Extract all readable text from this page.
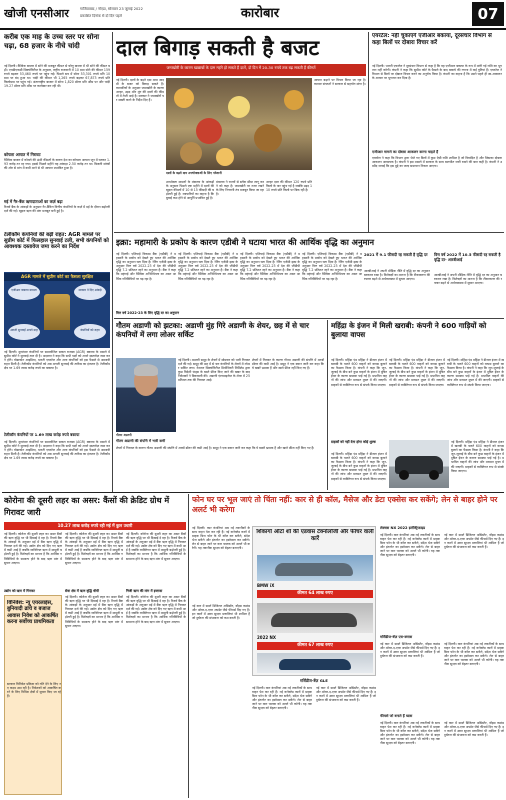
खोजी एनसीआर	गाजियाबाद / नोएडा, सोमवार 23 जुलाई 2022
प्रकाशित दिनांक से दो दिन पहले	कारोबार	07
करीब एक माह के उच्च स्तर पर सोना चढ़ा, 68 हजार के नीचे चांदी
नई दिल्ली। वैश्विक बाजार में सोने की मजबूत कीमत से घरेलू बाजार में भी सोने की कीमत बढ़ी। एचडीएफसी सिक्योरिटीज के अनुसार, राष्ट्रीय राजधानी में 10 ग्राम सोने की कीमत 159 रुपये बढ़कर 53,460 रुपये पर पहुंच गई। पिछले सत्र में सोना 53,301 रुपये प्रति 10 ग्राम पर बंद हुआ था। चांदी की कीमत भी 1,265 रुपये बढ़कर 67,873 रुपये प्रति किलोग्राम पर पहुंच गई। अंतरराष्ट्रीय बाजार में सोना 1,820 डॉलर प्रति औंस पर और चांदी 19.27 डॉलर प्रति औंस पर कारोबार कर रही थी।
कोयला आयात में गिरावट
वैश्विक बाजार में कोयले की ऊंची कीमतों के कारण देश का कोयला आयात जून में घटकर 1.93 करोड़ टन रह गया। इससे पिछले महीने यह आंकड़ा 2.50 करोड़ टन था। बिजली संयंत्रों की ओर से मांग में कमी आने से भी आयात प्रभावित हुआ है।
मई में गैर-बैंक ऋणदाताओं का कर्ज़ बढ़ा
रिजर्व बैंक के आंकड़ों के अनुसार गैर-बैंकिंग वित्तीय कंपनियों के कर्ज़ में मई के दौरान बढ़ोतरी दर्ज की गई। खुदरा ऋण की मांग मजबूत बनी हुई है।
टेलीकॉम कंपनियों की बढ़ी राहत: AGR मामले पर सुप्रीम कोर्ट में फिलहाल सुनवाई टली, सभी कंपनियों को आवश्यक दस्तावेज जमा करने का निर्देश
AGR मामले में सुप्रीम कोर्ट का फैसला सुरक्षित
एजीआर बकाया मामला	सरकार ने दिए आंकड़े
अगली सुनवाई अगले माह	कंपनियों को राहत
नई दिल्ली। दूरसंचार कंपनियों पर समायोजित सकल राजस्व (AGR) बकाया के मामले में सुप्रीम कोर्ट ने सुनवाई टाल दी है। अदालत ने कहा कि सभी पक्षों को अपने दस्तावेज़ जमा करने होंगे। वोडाफोन आइडिया, भारती एयरटेल और अन्य कंपनियों को इस फैसले से अस्थायी राहत मिली है। टेलीकॉम कंपनियों को अब अगली सुनवाई की तारीख का इंतजार है। टेलीकॉम क्षेत्र पर 1.69 लाख करोड़ रुपये का बकाया है।
टेलीकॉम कंपनियों पर 1.69 लाख करोड़ रुपये बकाया
नई दिल्ली। दूरसंचार कंपनियों पर समायोजित सकल राजस्व (AGR) बकाया के मामले में सुप्रीम कोर्ट ने सुनवाई टाल दी है। अदालत ने कहा कि सभी पक्षों को अपने दस्तावेज़ जमा करने होंगे। वोडाफोन आइडिया, भारती एयरटेल और अन्य कंपनियों को इस फैसले से अस्थायी राहत मिली है। टेलीकॉम कंपनियों को अब अगली सुनवाई की तारीख का इंतजार है। टेलीकॉम क्षेत्र पर 1.69 लाख करोड़ रुपये का बकाया है।
दाल बिगाड़ सकती है बजट
जमाखोरी के कारण खाद्यान्नों के दाम महंगे हो सकते हैं दालें, दो दिन में 20-30 रुपये तक बढ़ सकती हैं कीमतें
नई दिल्ली। दालों के बढ़ते दाम आम आदमी के बजट को बिगाड़ सकते हैं। व्यापारियों के अनुसार जमाखोरी के कारण अरहर, उड़द और मूंग की दालों की कीमतों में तेजी आई है। सरकार ने जमाखोरों पर सख्ती करने के निर्देश दिए हैं।
दालों के बढ़ते दाम उपभोक्ताओं के लिए परेशानी
उपभोक्ता मामलों के मंत्रालय के आंकड़ों के अनुसार पिछले एक महीने में दालों की खुदरा कीमतों में 10 से 15 फीसदी की बढ़ोतरी हुई है। व्यापारियों का कहना है कि बुवाई कम होने से आपूर्ति प्रभावित हुई है।
मंत्रालय ने राज्यों से स्टॉक सीमा लागू करने को कहा है। जमाखोरी पर नजर रखने के लिए निगरानी तंत्र मजबूत किया जा रहा है।
अरहर दाल की कीमत 120 रुपये प्रति किलो के पार पहुंच गई है जबकि उड़द 110 रुपये प्रति किलो पर बिक रही है।
आयात बढ़ाने पर विचार किया जा रहा है। व्यापार संगठनों ने सरकार से सहयोग मांगा है।
एयरटेल: नहीं चुकाएंगे एजीआर बकाया, दूरसंचार विभाग से कहा बिलों पर दोबारा विचार करें
नई दिल्ली। भारती एयरटेल ने दूरसंचार विभाग से कहा है कि वह एजीआर बकाया के रूप में मांगी गई राशि का भुगतान नहीं करेगी। कंपनी ने कहा कि सुप्रीम कोर्ट के फैसले के बाद बकाये की गणना में कई त्रुटियां हैं। एयरटेल ने विभाग से बिलों पर दोबारा विचार करने का अनुरोध किया है। कंपनी का कहना है कि उसने पहले ही स्व-आकलन के आधार पर भुगतान कर दिया है।
एजीआर मामले का दोबारा आकलन करना चाहते हैं
एयरटेल ने कहा कि विभाग द्वारा भेजे गए बिलों में कुछ ऐसी राशि शामिल है जो विवादित है और जिसका दोबारा आकलन आवश्यक है। कंपनी ने इस मामले में सरकार के साथ बातचीत जारी रखने की बात कही है। कंपनी ने उम्मीद जताई कि इस मुद्दे का जल्द समाधान निकल आएगा।
इक्रा: महामारी के प्रकोप के कारण एडीबी ने घटाया भारत की आर्थिक वृद्धि का अनुमान
नई दिल्ली। एशियाई विकास बैंक (एडीबी) ने महामारी के प्रकोप को देखते हुए भारत की आर्थिक वृद्धि का अनुमान घटा दिया है। रेटिंग एजेंसी इक्रा के अनुसार वित्त वर्ष 2022-23 में देश की जीडीपी वृद्धि 7.2 प्रतिशत रहने का अनुमान है। बैंक ने कहा कि महंगाई और वैश्विक अनिश्चितता का असर आर्थिक गतिविधियों पर पड़ रहा है।
नई दिल्ली। एशियाई विकास बैंक (एडीबी) ने महामारी के प्रकोप को देखते हुए भारत की आर्थिक वृद्धि का अनुमान घटा दिया है। रेटिंग एजेंसी इक्रा के अनुसार वित्त वर्ष 2022-23 में देश की जीडीपी वृद्धि 7.2 प्रतिशत रहने का अनुमान है। बैंक ने कहा कि महंगाई और वैश्विक अनिश्चितता का असर आर्थिक गतिविधियों पर पड़ रहा है।
नई दिल्ली। एशियाई विकास बैंक (एडीबी) ने महामारी के प्रकोप को देखते हुए भारत की आर्थिक वृद्धि का अनुमान घटा दिया है। रेटिंग एजेंसी इक्रा के अनुसार वित्त वर्ष 2022-23 में देश की जीडीपी वृद्धि 7.2 प्रतिशत रहने का अनुमान है। बैंक ने कहा कि महंगाई और वैश्विक अनिश्चितता का असर आर्थिक गतिविधियों पर पड़ रहा है।
नई दिल्ली। एशियाई विकास बैंक (एडीबी) ने महामारी के प्रकोप को देखते हुए भारत की आर्थिक वृद्धि का अनुमान घटा दिया है। रेटिंग एजेंसी इक्रा के अनुसार वित्त वर्ष 2022-23 में देश की जीडीपी वृद्धि 7.2 प्रतिशत रहने का अनुमान है। बैंक ने कहा कि महंगाई और वैश्विक अनिश्चितता का असर आर्थिक गतिविधियों पर पड़ रहा है।
वित्त वर्ष 2022-23 के लिए वृद्धि दर का अनुमान
2021 में 9.1 फीसदी रह सकती है वृद्धि दर
आरबीआई ने अपनी मौद्रिक नीति में वृद्धि दर का अनुमान बरकरार रखा है। विशेषज्ञों का मानना है कि टीकाकरण की रफ्तार बढ़ने से अर्थव्यवस्था में सुधार आएगा।
वित्त वर्ष 2022 में 10.5 फीसदी रह सकती है वृद्धि दर- आरबीआई
आरबीआई ने अपनी मौद्रिक नीति में वृद्धि दर का अनुमान बरकरार रखा है। विशेषज्ञों का मानना है कि टीकाकरण की रफ्तार बढ़ने से अर्थव्यवस्था में सुधार आएगा।
गौतम अडाणी को झटका: अडाणी मुंह गिरे अडाणी के शेयर, छह में से चार कंपनियों में लगा लोअर सर्किट
गौतम अडाणी
नई दिल्ली। अडाणी समूह के शेयरों में सोमवार को भारी गिरावट दर्ज की गई। समूह की छह में से चार कंपनियों के शेयरों में लोअर सर्किट लगा। नेशनल सिक्योरिटीज डिपॉजिटरी लिमिटेड द्वारा कुछ विदेशी फंड्स के खाते फ्रीज किए जाने की खबर के बाद निवेशकों ने बिकवाली की। अडाणी एंटरप्राइजेज के शेयर में 25 प्रतिशत तक की गिरावट आई।
शेयरों में गिरावट के कारण गौतम अडाणी की संपत्ति में अरबों डॉलर की कमी आई है। समूह ने एक बयान जारी कर कहा कि ये खबरें भ्रामक हैं और खाते फ्रीज नहीं किए गए हैं।
गौतम अडाणी की संपत्ति में भारी कमी
शेयरों में गिरावट के कारण गौतम अडाणी की संपत्ति में अरबों डॉलर की कमी आई है। समूह ने एक बयान जारी कर कहा कि ये खबरें भ्रामक हैं और खाते फ्रीज नहीं किए गए हैं।
महिंद्रा के इंजन में मिली खराबी: कंपनी ने 600 गाड़ियों को बुलाया वापस
नई दिल्ली। महिंद्रा एंड महिंद्रा ने डीजल इंजन में खराबी के चलते 600 वाहनों को वापस बुलाने का फैसला किया है। कंपनी ने कहा कि जून-जुलाई के बीच बने कुछ वाहनों के इंजन में दूषित ईंधन के कारण समस्या पाई गई है। प्रभावित वाहनों की जांच और मरम्मत मुफ्त में की जाएगी। ग्राहकों से व्यक्तिगत रूप से संपर्क किया जाएगा।
नई दिल्ली। महिंद्रा एंड महिंद्रा ने डीजल इंजन में खराबी के चलते 600 वाहनों को वापस बुलाने का फैसला किया है। कंपनी ने कहा कि जून-जुलाई के बीच बने कुछ वाहनों के इंजन में दूषित ईंधन के कारण समस्या पाई गई है। प्रभावित वाहनों की जांच और मरम्मत मुफ्त में की जाएगी। ग्राहकों से व्यक्तिगत रूप से संपर्क किया जाएगा।
नई दिल्ली। महिंद्रा एंड महिंद्रा ने डीजल इंजन में खराबी के चलते 600 वाहनों को वापस बुलाने का फैसला किया है। कंपनी ने कहा कि जून-जुलाई के बीच बने कुछ वाहनों के इंजन में दूषित ईंधन के कारण समस्या पाई गई है। प्रभावित वाहनों की जांच और मरम्मत मुफ्त में की जाएगी। ग्राहकों से व्यक्तिगत रूप से संपर्क किया जाएगा।
ग्राहकों को नहीं देना होगा कोई शुल्क
नई दिल्ली। महिंद्रा एंड महिंद्रा ने डीजल इंजन में खराबी के चलते 600 वाहनों को वापस बुलाने का फैसला किया है। कंपनी ने कहा कि जून-जुलाई के बीच बने कुछ वाहनों के इंजन में दूषित ईंधन के कारण समस्या पाई गई है। प्रभावित वाहनों की जांच और मरम्मत मुफ्त में की जाएगी। ग्राहकों से व्यक्तिगत रूप से संपर्क किया जाएगा।
नई दिल्ली। महिंद्रा एंड महिंद्रा ने डीजल इंजन में खराबी के चलते 600 वाहनों को वापस बुलाने का फैसला किया है। कंपनी ने कहा कि जून-जुलाई के बीच बने कुछ वाहनों के इंजन में दूषित ईंधन के कारण समस्या पाई गई है। प्रभावित वाहनों की जांच और मरम्मत मुफ्त में की जाएगी। ग्राहकों से व्यक्तिगत रूप से संपर्क किया जाएगा।
कोरोना की दूसरी लहर का असर: कैंसों की क्रेडिट ग्रोथ में गिरावट जारी
10.27 लाख करोड़ रुपये रही मई में कुल उधारी
नई दिल्ली। कोरोना की दूसरी लहर का असर बैंकों की ऋण वृद्धि पर भी दिखाई दे रहा है। रिजर्व बैंक के आंकड़ों के अनुसार मई में बैंक ऋण वृद्धि में गिरावट दर्ज की गई। उद्योग क्षेत्र को दिए गए ऋण में कमी आई है जबकि व्यक्तिगत ऋण में मामूली बढ़ोतरी हुई है। विशेषज्ञों का मानना है कि आर्थिक गतिविधियों के सामान्य होने के बाद ऋण मांग में सुधार आएगा।
नई दिल्ली। कोरोना की दूसरी लहर का असर बैंकों की ऋण वृद्धि पर भी दिखाई दे रहा है। रिजर्व बैंक के आंकड़ों के अनुसार मई में बैंक ऋण वृद्धि में गिरावट दर्ज की गई। उद्योग क्षेत्र को दिए गए ऋण में कमी आई है जबकि व्यक्तिगत ऋण में मामूली बढ़ोतरी हुई है। विशेषज्ञों का मानना है कि आर्थिक गतिविधियों के सामान्य होने के बाद ऋण मांग में सुधार आएगा।
नई दिल्ली। कोरोना की दूसरी लहर का असर बैंकों की ऋण वृद्धि पर भी दिखाई दे रहा है। रिजर्व बैंक के आंकड़ों के अनुसार मई में बैंक ऋण वृद्धि में गिरावट दर्ज की गई। उद्योग क्षेत्र को दिए गए ऋण में कमी आई है जबकि व्यक्तिगत ऋण में मामूली बढ़ोतरी हुई है। विशेषज्ञों का मानना है कि आर्थिक गतिविधियों के सामान्य होने के बाद ऋण मांग में सुधार आएगा।
उद्योग को ऋण में गिरावट	सेवा क्षेत्र में ऋण वृद्धि धीमी	निजी ऋण की मांग में इजाफा
नई दिल्ली। कोरोना की दूसरी लहर का असर बैंकों की ऋण वृद्धि पर भी दिखाई दे रहा है। रिजर्व बैंक के आंकड़ों के अनुसार मई में बैंक ऋण वृद्धि में गिरावट दर्ज की गई। उद्योग क्षेत्र को दिए गए ऋण में कमी आई है जबकि व्यक्तिगत ऋण में मामूली बढ़ोतरी हुई है। विशेषज्ञों का मानना है कि आर्थिक गतिविधियों के सामान्य होने के बाद ऋण मांग में सुधार आएगा।
नई दिल्ली। कोरोना की दूसरी लहर का असर बैंकों की ऋण वृद्धि पर भी दिखाई दे रहा है। रिजर्व बैंक के आंकड़ों के अनुसार मई में बैंक ऋण वृद्धि में गिरावट दर्ज की गई। उद्योग क्षेत्र को दिए गए ऋण में कमी आई है जबकि व्यक्तिगत ऋण में मामूली बढ़ोतरी हुई है। विशेषज्ञों का मानना है कि आर्थिक गतिविधियों के सामान्य होने के बाद ऋण मांग में सुधार आएगा।
विनिवेश: न्यू एयरलाइंस, बुनियादी ढांचे व बजाज आवास निवेश को आकर्षित करना सर्वोच्च प्राथमिकता
सरकार विनिवेश प्रक्रिया को गति देने के लिए नए कदम उठा रही है। निवेशकों को आकर्षित करने के लिए विभिन्न क्षेत्रों में सुधार किए जा रहे हैं।
फोन घर पर भूल जाएं तो चिंता नहीं: कार से ही कॉल, मैसेज और डेटा एक्सेस कर सकेंगे; लेन से बाहर होने पर अलर्ट भी करेगा
नई दिल्ली। कार कंपनियां अब नई तकनीकों के साथ वाहन पेश कर रही हैं। नई कनेक्टेड कारों में ग्राहक बिना फोन के भी कॉल कर सकेंगे, संदेश भेज सकेंगे और इंटरनेट का इस्तेमाल कर सकेंगे। लेन से बाहर जाने पर कार चालक को अलर्ट भी करेगी। यह तकनीक सुरक्षा को बेहतर बनाएगी।
शिकागो ऑटो शो की एडवांस टेक्नोलॉजी और फीचर वाली कारें
BMW iX
कीमत 64 लाख रुपए
2022 NX
कीमत 67 लाख रुपए
मर्सिडीज-बेंज़ GLE
नई कार में स्मार्ट डिजिटल असिस्टेंट, वॉइस कमांड और ओवर-द-एयर अपडेट जैसे फीचर्स दिए गए हैं। इन कारों में उन्नत सुरक्षा प्रणालियां भी शामिल हैं जो दुर्घटना की संभावना को कम करती हैं।
नई दिल्ली। कार कंपनियां अब नई तकनीकों के साथ वाहन पेश कर रही हैं। नई कनेक्टेड कारों में ग्राहक बिना फोन के भी कॉल कर सकेंगे, संदेश भेज सकेंगे और इंटरनेट का इस्तेमाल कर सकेंगे। लेन से बाहर जाने पर कार चालक को अलर्ट भी करेगी। यह तकनीक सुरक्षा को बेहतर बनाएगी।
नई कार में स्मार्ट डिजिटल असिस्टेंट, वॉइस कमांड और ओवर-द-एयर अपडेट जैसे फीचर्स दिए गए हैं। इन कारों में उन्नत सुरक्षा प्रणालियां भी शामिल हैं जो दुर्घटना की संभावना को कम करती हैं।
लेक्सस NX 2022 इलेक्ट्रिफाइड
नई दिल्ली। कार कंपनियां अब नई तकनीकों के साथ वाहन पेश कर रही हैं। नई कनेक्टेड कारों में ग्राहक बिना फोन के भी कॉल कर सकेंगे, संदेश भेज सकेंगे और इंटरनेट का इस्तेमाल कर सकेंगे। लेन से बाहर जाने पर कार चालक को अलर्ट भी करेगी। यह तकनीक सुरक्षा को बेहतर बनाएगी।
नई कार में स्मार्ट डिजिटल असिस्टेंट, वॉइस कमांड और ओवर-द-एयर अपडेट जैसे फीचर्स दिए गए हैं। इन कारों में उन्नत सुरक्षा प्रणालियां भी शामिल हैं जो दुर्घटना की संभावना को कम करती हैं।
मर्सिडीज-बेंज़ एस-क्लास
नई कार में स्मार्ट डिजिटल असिस्टेंट, वॉइस कमांड और ओवर-द-एयर अपडेट जैसे फीचर्स दिए गए हैं। इन कारों में उन्नत सुरक्षा प्रणालियां भी शामिल हैं जो दुर्घटना की संभावना को कम करती हैं।
नई दिल्ली। कार कंपनियां अब नई तकनीकों के साथ वाहन पेश कर रही हैं। नई कनेक्टेड कारों में ग्राहक बिना फोन के भी कॉल कर सकेंगे, संदेश भेज सकेंगे और इंटरनेट का इस्तेमाल कर सकेंगे। लेन से बाहर जाने पर कार चालक को अलर्ट भी करेगी। यह तकनीक सुरक्षा को बेहतर बनाएगी।
फीचर्स जो बनाते हैं खास
नई दिल्ली। कार कंपनियां अब नई तकनीकों के साथ वाहन पेश कर रही हैं। नई कनेक्टेड कारों में ग्राहक बिना फोन के भी कॉल कर सकेंगे, संदेश भेज सकेंगे और इंटरनेट का इस्तेमाल कर सकेंगे। लेन से बाहर जाने पर कार चालक को अलर्ट भी करेगी। यह तकनीक सुरक्षा को बेहतर बनाएगी।
नई कार में स्मार्ट डिजिटल असिस्टेंट, वॉइस कमांड और ओवर-द-एयर अपडेट जैसे फीचर्स दिए गए हैं। इन कारों में उन्नत सुरक्षा प्रणालियां भी शामिल हैं जो दुर्घटना की संभावना को कम करती हैं।
